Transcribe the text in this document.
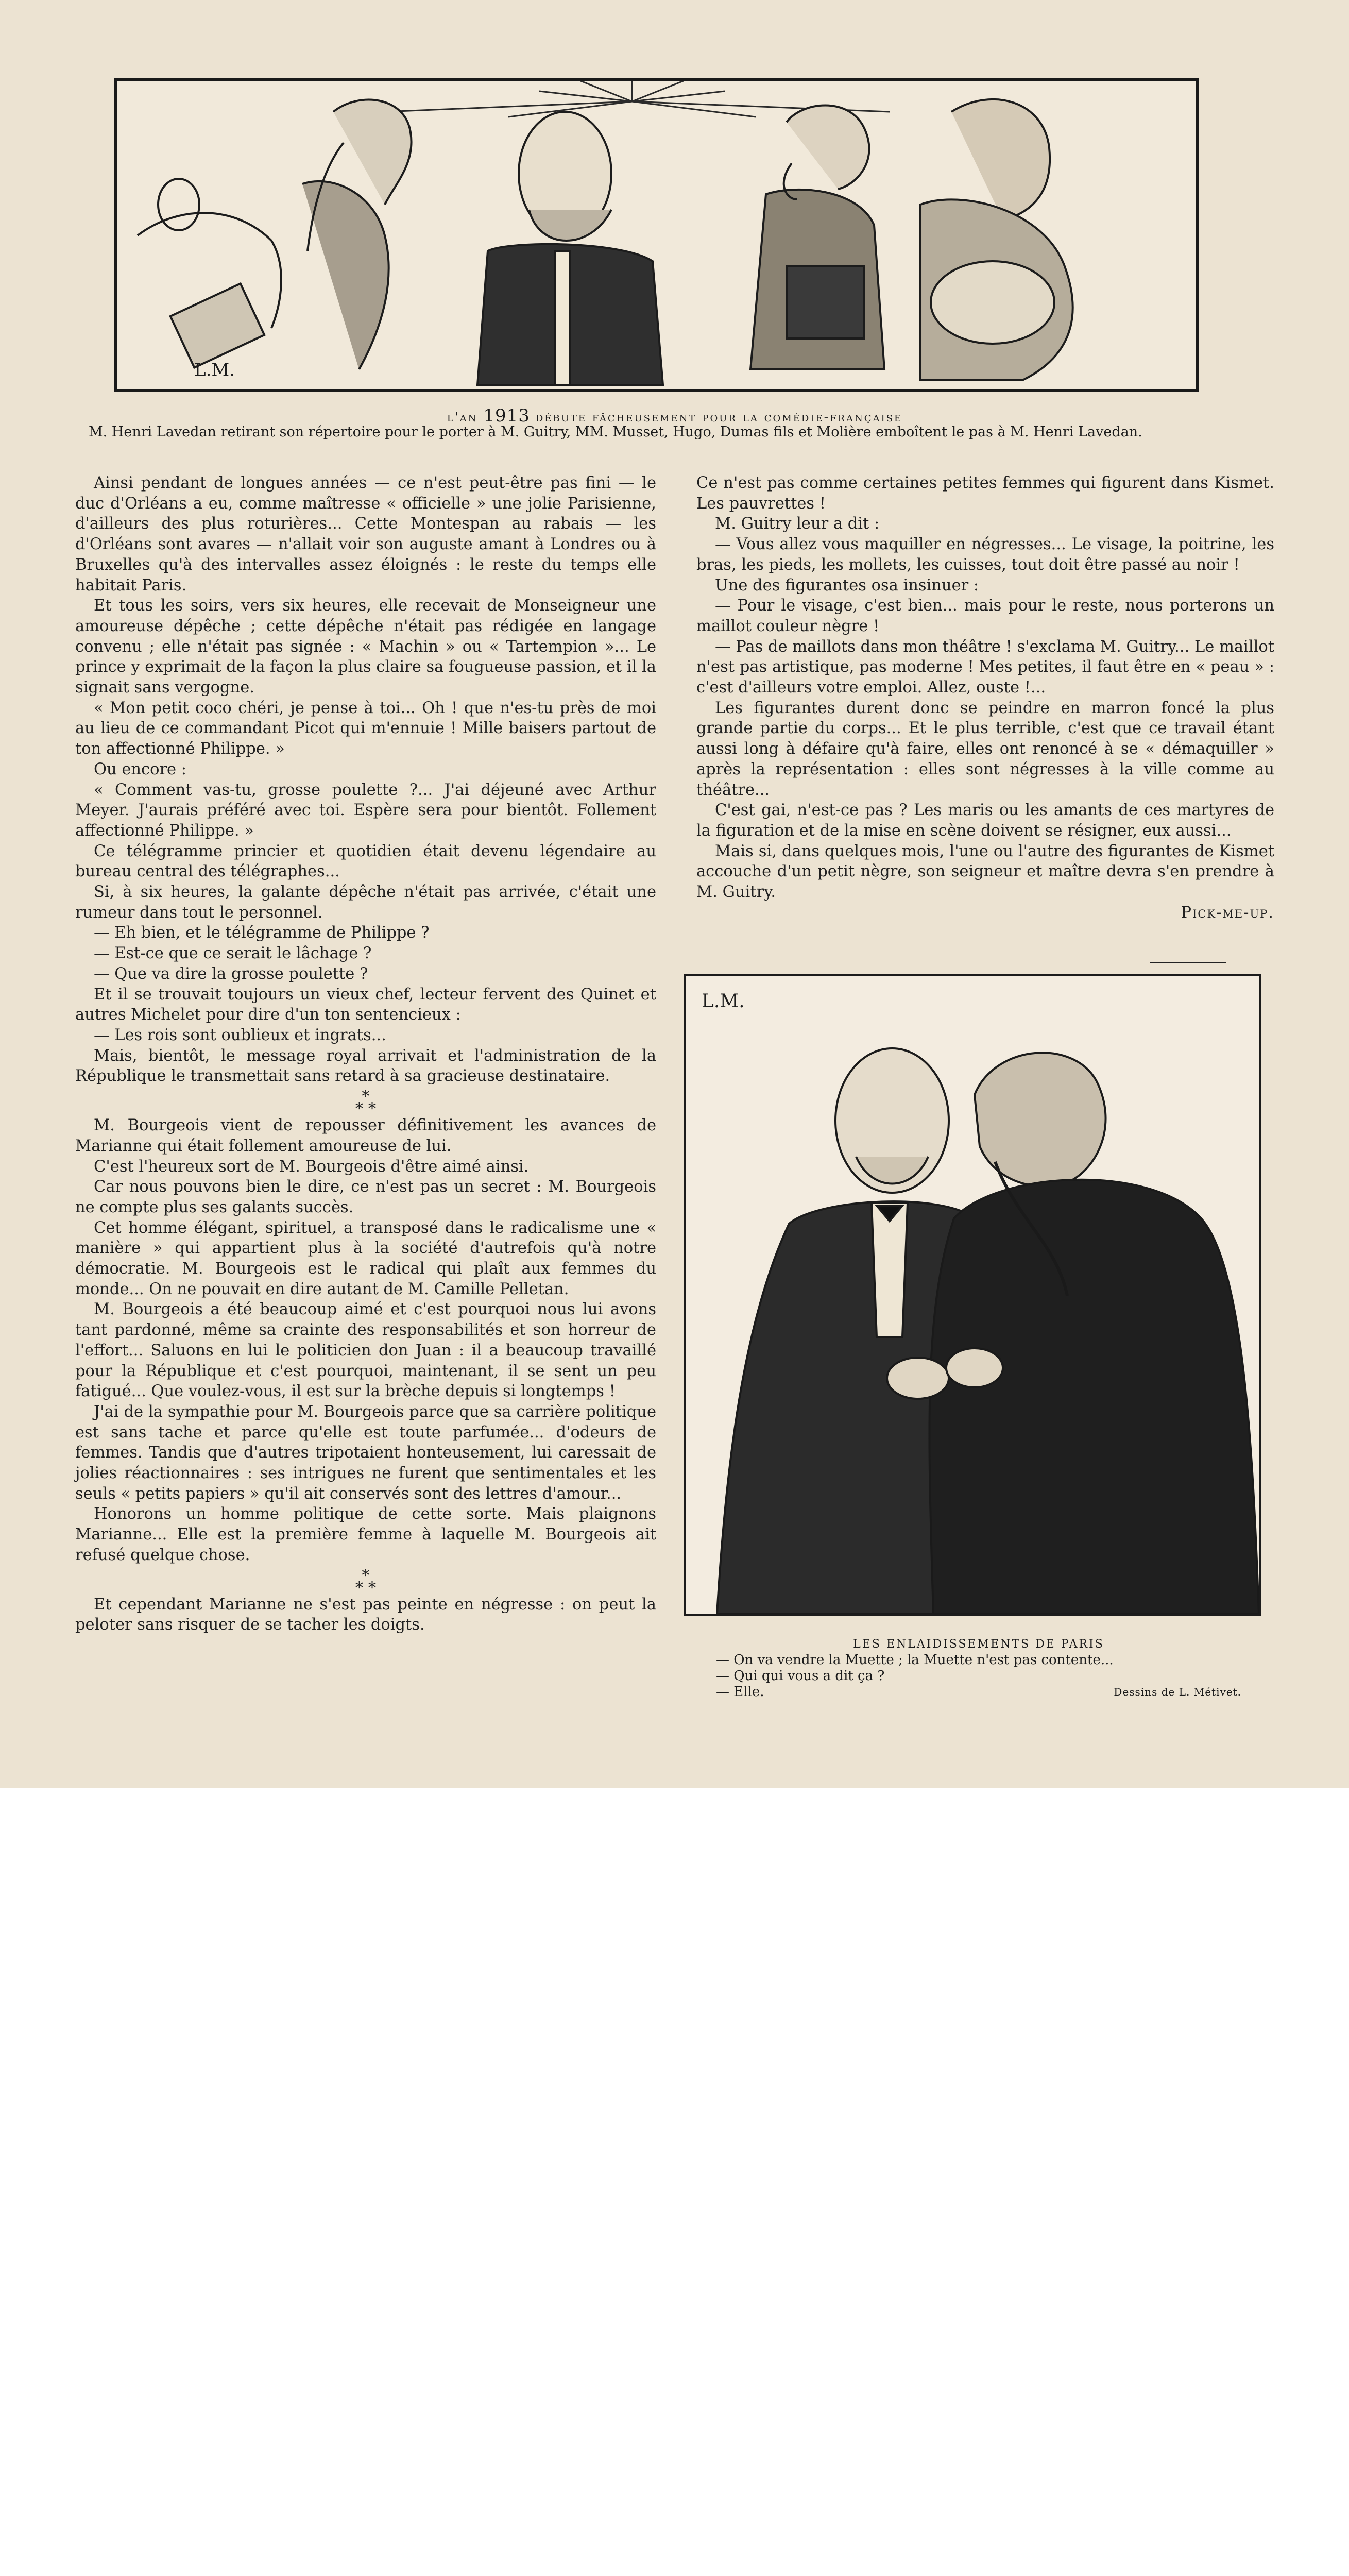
L.M.
l'an 1913 débute fâcheusement pour la comédie-française
M. Henri Lavedan retirant son répertoire pour le porter à M. Guitry, MM. Musset, Hugo, Dumas fils et Molière emboîtent le pas à M. Henri Lavedan.

Ainsi pendant de longues années — ce n'est peut-être pas fini — le duc d'Orléans a eu, comme maîtresse « officielle » une jolie Parisienne, d'ailleurs des plus roturières... Cette Montespan au rabais — les d'Orléans sont avares — n'allait voir son auguste amant à Londres ou à Bruxelles qu'à des intervalles assez éloignés : le reste du temps elle habitait Paris.

Et tous les soirs, vers six heures, elle recevait de Monseigneur une amoureuse dépêche ; cette dépêche n'était pas rédigée en langage convenu ; elle n'était pas signée : « Machin » ou « Tartempion »... Le prince y exprimait de la façon la plus claire sa fougueuse passion, et il la signait sans vergogne.

« Mon petit coco chéri, je pense à toi... Oh ! que n'es-tu près de moi au lieu de ce commandant Picot qui m'ennuie ! Mille baisers partout de ton affectionné Philippe. »

Ou encore :

« Comment vas-tu, grosse poulette ?... J'ai déjeuné avec Arthur Meyer. J'aurais préféré avec toi. Espère sera pour bientôt. Follement affectionné Philippe. »

Ce télégramme princier et quotidien était devenu légendaire au bureau central des télégraphes...

Si, à six heures, la galante dépêche n'était pas arrivée, c'était une rumeur dans tout le personnel.

— Eh bien, et le télégramme de Philippe ?

— Est-ce que ce serait le lâchage ?

— Que va dire la grosse poulette ?

Et il se trouvait toujours un vieux chef, lecteur fervent des Quinet et autres Michelet pour dire d'un ton sentencieux :

— Les rois sont oublieux et ingrats...

Mais, bientôt, le message royal arrivait et l'administration de la République le transmettait sans retard à sa gracieuse destinataire.

*
* *

M. Bourgeois vient de repousser définitivement les avances de Marianne qui était follement amoureuse de lui.

C'est l'heureux sort de M. Bourgeois d'être aimé ainsi.

Car nous pouvons bien le dire, ce n'est pas un secret : M. Bourgeois ne compte plus ses galants succès.

Cet homme élégant, spirituel, a transposé dans le radicalisme une « manière » qui appartient plus à la société d'autrefois qu'à notre démocratie. M. Bourgeois est le radical qui plaît aux femmes du monde... On ne pouvait en dire autant de M. Camille Pelletan.

M. Bourgeois a été beaucoup aimé et c'est pourquoi nous lui avons tant pardonné, même sa crainte des responsabilités et son horreur de l'effort... Saluons en lui le politicien don Juan : il a beaucoup travaillé pour la République et c'est pourquoi, maintenant, il se sent un peu fatigué... Que voulez-vous, il est sur la brèche depuis si longtemps !

J'ai de la sympathie pour M. Bourgeois parce que sa carrière politique est sans tache et parce qu'elle est toute parfumée... d'odeurs de femmes. Tandis que d'autres tripotaient honteusement, lui caressait de jolies réactionnaires : ses intrigues ne furent que sentimentales et les seuls « petits papiers » qu'il ait conservés sont des lettres d'amour...

Honorons un homme politique de cette sorte. Mais plaignons Marianne... Elle est la première femme à laquelle M. Bourgeois ait refusé quelque chose.

*
* *

Et cependant Marianne ne s'est pas peinte en négresse : on peut la peloter sans risquer de se tacher les doigts.

Ce n'est pas comme certaines petites femmes qui figurent dans Kismet. Les pauvrettes !

M. Guitry leur a dit :

— Vous allez vous maquiller en négresses... Le visage, la poitrine, les bras, les pieds, les mollets, les cuisses, tout doit être passé au noir !

Une des figurantes osa insinuer :

— Pour le visage, c'est bien... mais pour le reste, nous porterons un maillot couleur nègre !

— Pas de maillots dans mon théâtre ! s'exclama M. Guitry... Le maillot n'est pas artistique, pas moderne ! Mes petites, il faut être en « peau » : c'est d'ailleurs votre emploi. Allez, ouste !...

Les figurantes durent donc se peindre en marron foncé la plus grande partie du corps... Et le plus terrible, c'est que ce travail étant aussi long à défaire qu'à faire, elles ont renoncé à se « démaquiller » après la représentation : elles sont négresses à la ville comme au théâtre...

C'est gai, n'est-ce pas ? Les maris ou les amants de ces martyres de la figuration et de la mise en scène doivent se résigner, eux aussi...

Mais si, dans quelques mois, l'une ou l'autre des figurantes de Kismet accouche d'un petit nègre, son seigneur et maître devra s'en prendre à M. Guitry.

Pick-me-up.
L.M.
LES ENLAIDISSEMENTS DE PARIS
— On va vendre la Muette ; la Muette n'est pas contente...
— Qui qui vous a dit ça ?
— Elle.	Dessins de L. Métivet.
